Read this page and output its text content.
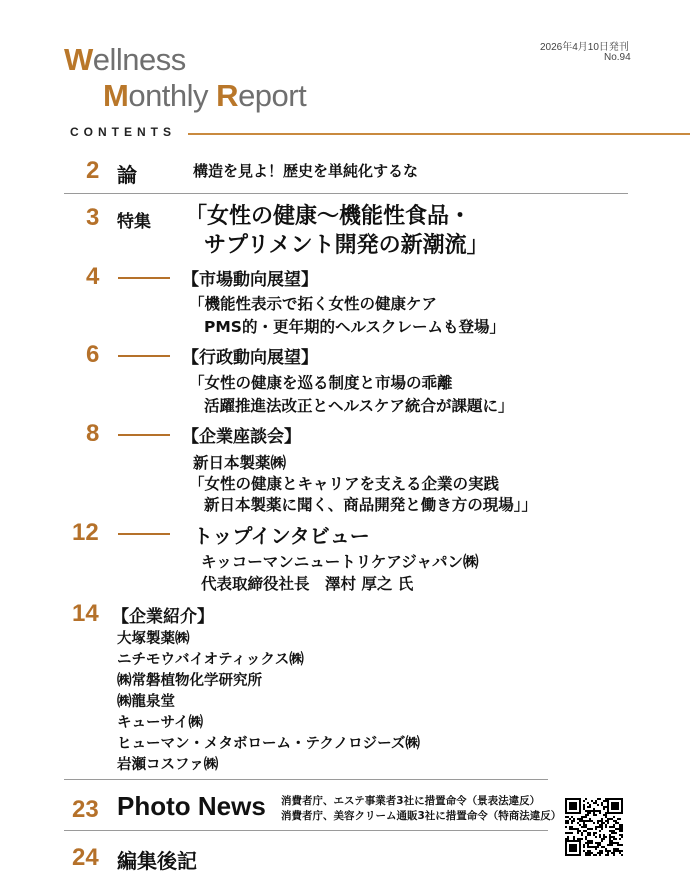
Wellness
Monthly Report
2026年4月10日発刊
No.94
CONTENTS
2 論	構造を見よ！歴史を単純化するな
3 特集 「女性の健康〜機能性食品・
サプリメント開発の新潮流」
4	【市場動向展望】
「機能性表示で拓く女性の健康ケア
PMS的・更年期的ヘルスクレームも登場」
6	【行政動向展望】
「女性の健康を巡る制度と市場の乖離
活躍推進法改正とヘルスケア統合が課題に」
8	【企業座談会】
新日本製薬㈱
「女性の健康とキャリアを支える企業の実践
新日本製薬に聞く、商品開発と働き方の現場」」
12	トップインタビュー
キッコーマンニュートリケアジャパン㈱
代表取締役社長　澤村 厚之 氏
14 【企業紹介】
大塚製薬㈱
ニチモウバイオティックス㈱
㈱常磐植物化学研究所
㈱龍泉堂
キューサイ㈱
ヒューマン・メタボローム・テクノロジーズ㈱
岩瀬コスファ㈱
23 Photo News 消費者庁、エステ事業者3社に措置命令（景表法違反）
消費者庁、美容クリーム通販3社に措置命令（特商法違反）
24 編集後記
